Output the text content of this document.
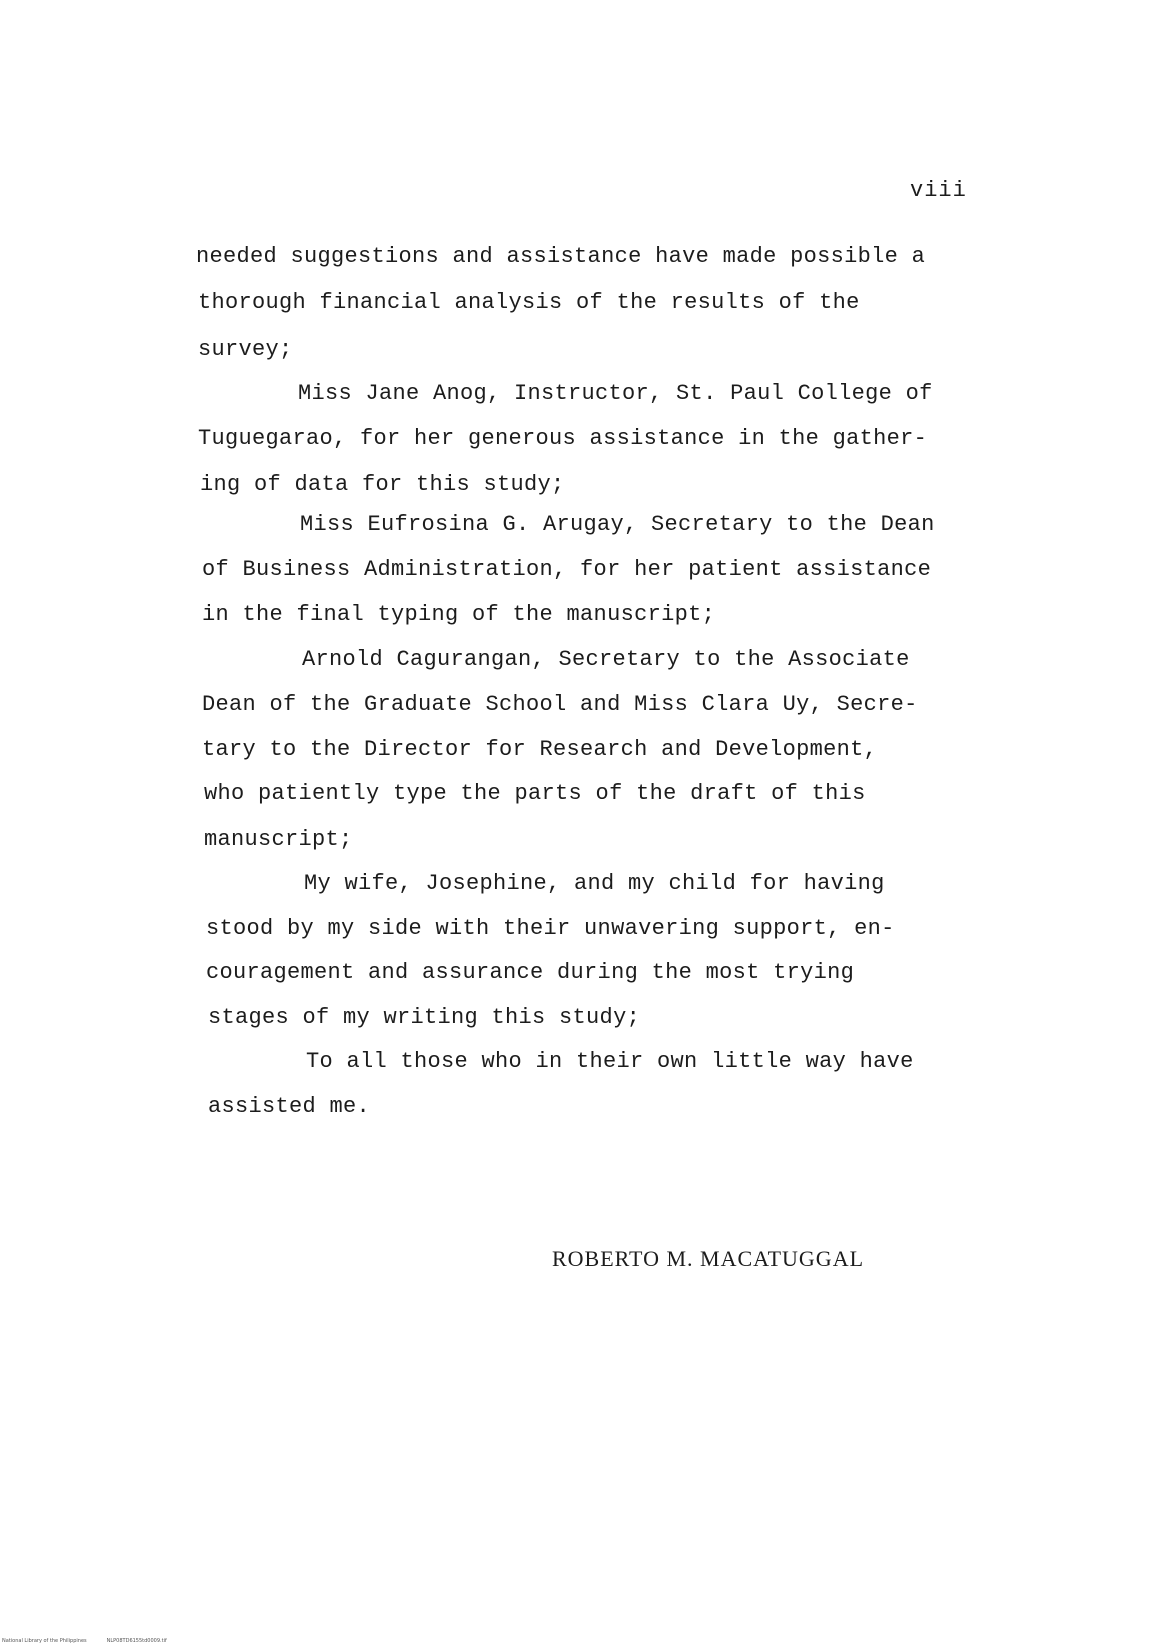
viii
needed suggestions and assistance have made possible a
thorough financial analysis of the results of the
survey;
Miss Jane Anog, Instructor, St. Paul College of
Tuguegarao, for her generous assistance in the gather-
ing of data for this study;
Miss Eufrosina G. Arugay, Secretary to the Dean
of Business Administration, for her patient assistance
in the final typing of the manuscript;
Arnold Cagurangan, Secretary to the Associate
Dean of the Graduate School and Miss Clara Uy, Secre-
tary to the Director for Research and Development,
who patiently type the parts of the draft of this
manuscript;
My wife, Josephine, and my child for having
stood by my side with their unwavering support, en-
couragement and assurance during the most trying
stages of my writing this study;
To all those who in their own little way have
assisted me.
ROBERTO M. MACATUGGAL
National Library of the Philippines	NLP08TD6155td0009.tif
